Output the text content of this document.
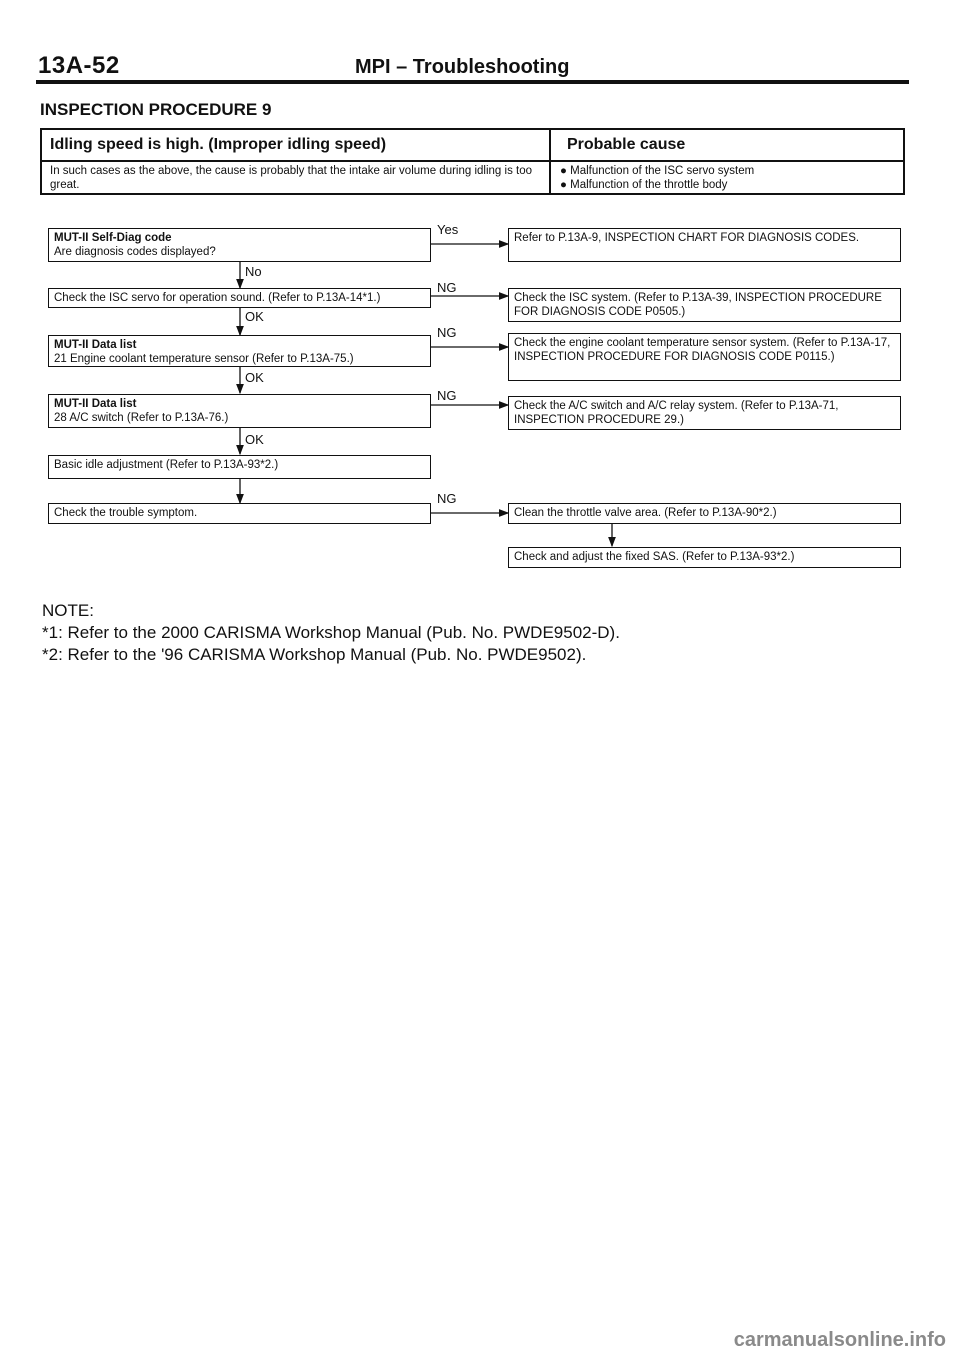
13A-52	MPI – Troubleshooting
INSPECTION PROCEDURE 9
Idling speed is high. (Improper idling speed)	Probable cause
In such cases as the above, the cause is probably that the intake air volume during idling is too great.
● Malfunction of the ISC servo system
● Malfunction of the throttle body
Yes
No
NG
OK
NG
OK
NG
OK
NG
MUT-II Self-Diag code
Are diagnosis codes displayed?
Check the ISC servo for operation sound. (Refer to P.13A-14*1.)
MUT-II Data list
21 Engine coolant temperature sensor (Refer to P.13A-75.)
MUT-II Data list
28 A/C switch (Refer to P.13A-76.)
Basic idle adjustment (Refer to P.13A-93*2.)
Check the trouble symptom.
Refer to P.13A-9, INSPECTION CHART FOR DIAGNOSIS CODES.
Check the ISC system. (Refer to P.13A-39, INSPECTION PROCEDURE FOR DIAGNOSIS CODE P0505.)
Check the engine coolant temperature sensor system. (Refer to P.13A-17, INSPECTION PROCEDURE FOR DIAGNOSIS CODE P0115.)
Check the A/C switch and A/C relay system. (Refer to P.13A-71, INSPECTION PROCEDURE 29.)
Clean the throttle valve area. (Refer to P.13A-90*2.)
Check and adjust the fixed SAS. (Refer to P.13A-93*2.)
NOTE:
*1: Refer to the 2000 CARISMA Workshop Manual (Pub. No. PWDE9502-D).
*2: Refer to the '96 CARISMA Workshop Manual (Pub. No. PWDE9502).
carmanualsonline.info
